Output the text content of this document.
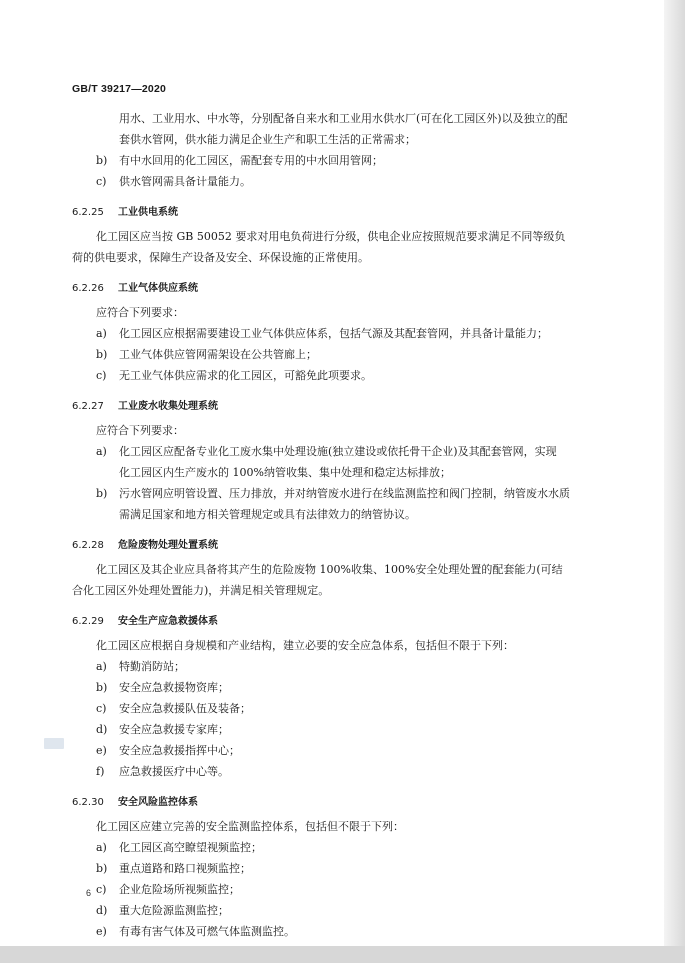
GB/T 39217—2020
用水、工业用水、中水等，分别配备自来水和工业用水供水厂(可在化工园区外)以及独立的配
套供水管网，供水能力满足企业生产和职工生活的正常需求；
b) 有中水回用的化工园区，需配套专用的中水回用管网；
c) 供水管网需具备计量能力。
6.2.25 工业供电系统
化工园区应当按 GB 50052 要求对用电负荷进行分级，供电企业应按照规范要求满足不同等级负
荷的供电要求，保障生产设备及安全、环保设施的正常使用。
6.2.26 工业气体供应系统
应符合下列要求：
a) 化工园区应根据需要建设工业气体供应体系，包括气源及其配套管网，并具备计量能力；
b) 工业气体供应管网需架设在公共管廊上；
c) 无工业气体供应需求的化工园区，可豁免此项要求。
6.2.27 工业废水收集处理系统
应符合下列要求：
a) 化工园区应配备专业化工废水集中处理设施(独立建设或依托骨干企业)及其配套管网，实现
化工园区内生产废水的 100%纳管收集、集中处理和稳定达标排放；
b) 污水管网应明管设置、压力排放，并对纳管废水进行在线监测监控和阀门控制，纳管废水水质
需满足国家和地方相关管理规定或具有法律效力的纳管协议。
6.2.28 危险废物处理处置系统
化工园区及其企业应具备将其产生的危险废物 100%收集、100%安全处理处置的配套能力(可结
合化工园区外处理处置能力)，并满足相关管理规定。
6.2.29 安全生产应急救援体系
化工园区应根据自身规模和产业结构，建立必要的安全应急体系，包括但不限于下列：
a) 特勤消防站；
b) 安全应急救援物资库；
c) 安全应急救援队伍及装备；
d) 安全应急救援专家库；
e) 安全应急救援指挥中心；
f) 应急救援医疗中心等。
6.2.30 安全风险监控体系
化工园区应建立完善的安全监测监控体系，包括但不限于下列：
a) 化工园区高空瞭望视频监控；
b) 重点道路和路口视频监控；
c) 企业危险场所视频监控；
d) 重大危险源监测监控；
e) 有毒有害气体及可燃气体监测监控。
6
